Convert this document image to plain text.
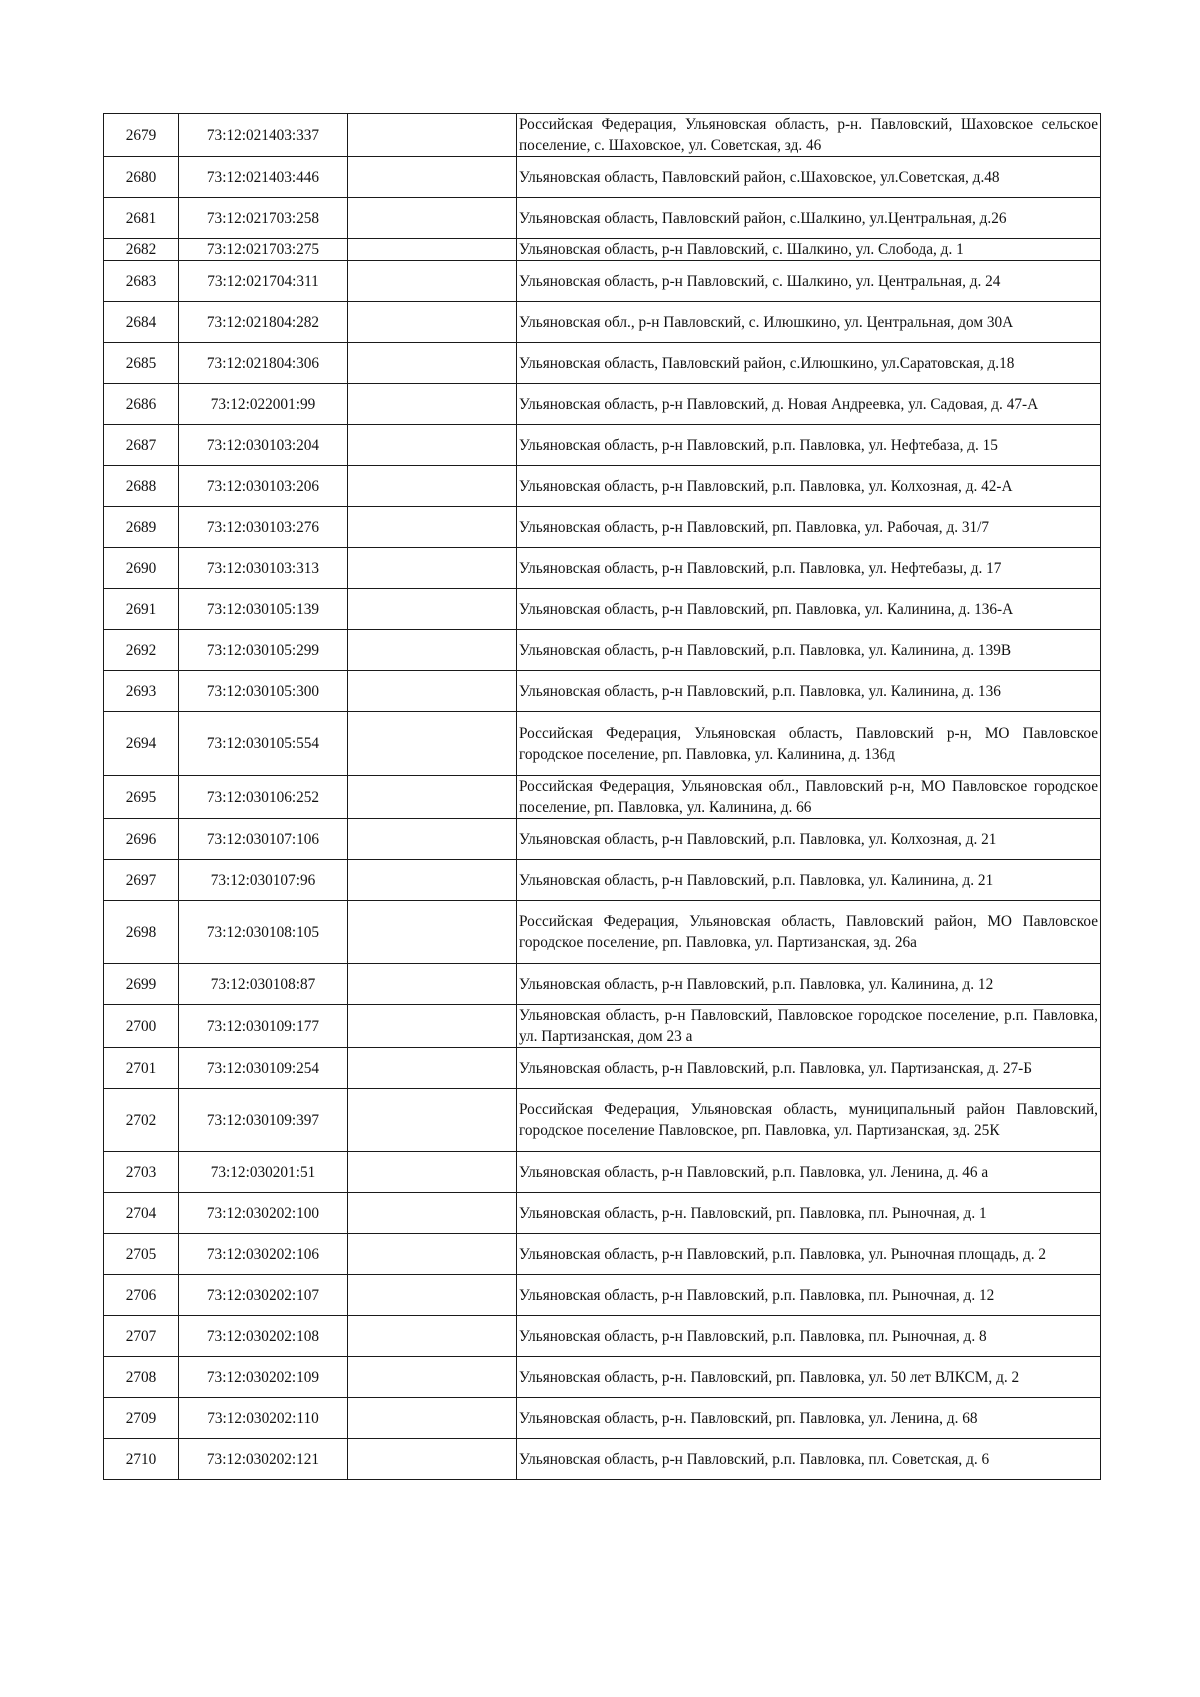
2679	73:12:021403:337		Российская Федерация, Ульяновская область, р-н. Павловский, Шаховское сельское поселение, с. Шаховское, ул. Советская, зд. 46
2680	73:12:021403:446		Ульяновская область, Павловский район, с.Шаховское, ул.Советская, д.48
2681	73:12:021703:258		Ульяновская область, Павловский район, с.Шалкино, ул.Центральная, д.26
2682	73:12:021703:275		Ульяновская область, р-н Павловский, с. Шалкино, ул. Слобода, д. 1
2683	73:12:021704:311		Ульяновская область, р-н Павловский, с. Шалкино, ул. Центральная, д. 24
2684	73:12:021804:282		Ульяновская обл., р-н Павловский, с. Илюшкино, ул. Центральная, дом 30А
2685	73:12:021804:306		Ульяновская область, Павловский район, с.Илюшкино, ул.Саратовская, д.18
2686	73:12:022001:99		Ульяновская область, р-н Павловский, д. Новая Андреевка, ул. Садовая, д. 47-А
2687	73:12:030103:204		Ульяновская область, р-н Павловский, р.п. Павловка, ул. Нефтебаза, д. 15
2688	73:12:030103:206		Ульяновская область, р-н Павловский, р.п. Павловка, ул. Колхозная, д. 42-А
2689	73:12:030103:276		Ульяновская область, р-н Павловский, рп. Павловка, ул. Рабочая, д. 31/7
2690	73:12:030103:313		Ульяновская область, р-н Павловский, р.п. Павловка, ул. Нефтебазы, д. 17
2691	73:12:030105:139		Ульяновская область, р-н Павловский, рп. Павловка, ул. Калинина, д. 136-А
2692	73:12:030105:299		Ульяновская область, р-н Павловский, р.п. Павловка, ул. Калинина, д. 139В
2693	73:12:030105:300		Ульяновская область, р-н Павловский, р.п. Павловка, ул. Калинина, д. 136
2694	73:12:030105:554		Российская Федерация, Ульяновская область, Павловский р-н, МО Павловское городское поселение, рп. Павловка, ул. Калинина, д. 136д
2695	73:12:030106:252		Российская Федерация, Ульяновская обл., Павловский р-н, МО Павловское городское поселение, рп. Павловка, ул. Калинина, д. 66
2696	73:12:030107:106		Ульяновская область, р-н Павловский, р.п. Павловка, ул. Колхозная, д. 21
2697	73:12:030107:96		Ульяновская область, р-н Павловский, р.п. Павловка, ул. Калинина, д. 21
2698	73:12:030108:105		Российская Федерация, Ульяновская область, Павловский район, МО Павловское городское поселение, рп. Павловка, ул. Партизанская, зд. 26а
2699	73:12:030108:87		Ульяновская область, р-н Павловский, р.п. Павловка, ул. Калинина, д. 12
2700	73:12:030109:177		Ульяновская область, р-н Павловский, Павловское городское поселение, р.п. Павловка, ул. Партизанская, дом 23 а
2701	73:12:030109:254		Ульяновская область, р-н Павловский, р.п. Павловка, ул. Партизанская, д. 27-Б
2702	73:12:030109:397		Российская Федерация, Ульяновская область, муниципальный район Павловский, городское поселение Павловское, рп. Павловка, ул. Партизанская, зд. 25К
2703	73:12:030201:51		Ульяновская область, р-н Павловский, р.п. Павловка, ул. Ленина, д. 46 а
2704	73:12:030202:100		Ульяновская область, р-н. Павловский, рп. Павловка, пл. Рыночная, д. 1
2705	73:12:030202:106		Ульяновская область, р-н Павловский, р.п. Павловка, ул. Рыночная площадь, д. 2
2706	73:12:030202:107		Ульяновская область, р-н Павловский, р.п. Павловка, пл. Рыночная, д. 12
2707	73:12:030202:108		Ульяновская область, р-н Павловский, р.п. Павловка, пл. Рыночная, д. 8
2708	73:12:030202:109		Ульяновская область, р-н. Павловский, рп. Павловка, ул. 50 лет ВЛКСМ, д. 2
2709	73:12:030202:110		Ульяновская область, р-н. Павловский, рп. Павловка, ул. Ленина, д. 68
2710	73:12:030202:121		Ульяновская область, р-н Павловский, р.п. Павловка, пл. Советская, д. 6
